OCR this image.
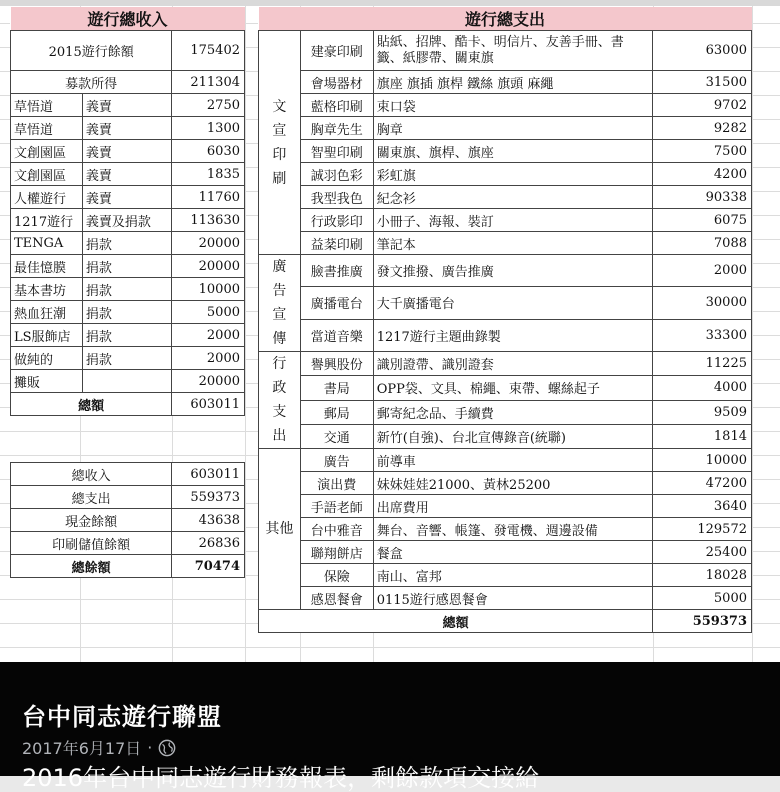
遊行總收入		
2015遊行餘額		175402
募款所得		211304
草悟道	義賣	2750
草悟道	義賣	1300
文創園區	義賣	6030
文創園區	義賣	1835
人權遊行	義賣	11760
1217遊行	義賣及捐款	113630
TENGA	捐款	20000
最佳憶膜	捐款	20000
基本書坊	捐款	10000
熱血狂潮	捐款	5000
LS服飾店	捐款	2000
做純的	捐款	2000
攤販		20000
總額		603011
總收入	603011
總支出	559373
現金餘額	43638
印刷儲值餘額	26836
總餘額	70474
遊行總支出			
文
宣
印
刷	建豪印刷	貼紙、招牌、酷卡、明信片、友善手冊、書籤、紙膠帶、關東旗	63000
	會場器材	旗座 旗插 旗桿 鐵絲 旗頭 麻繩	31500
	藍格印刷	束口袋	9702
	胸章先生	胸章	9282
	智聖印刷	關東旗、旗桿、旗座	7500
	誠羽色彩	彩虹旗	4200
	我型我色	紀念衫	90338
	行政影印	小冊子、海報、裝訂	6075
	益棻印刷	筆記本	7088
廣
告
宣
傳	臉書推廣	發文推撥、廣告推廣	2000
	廣播電台	大千廣播電台	30000
	當道音樂	1217遊行主題曲錄製	33300
行
政
支
出	譽興股份	識別證帶、識別證套	11225
	書局	OPP袋、文具、棉繩、束帶、螺絲起子	4000
	郵局	郵寄紀念品、手續費	9509
	交通	新竹(自強)、台北宣傳錄音(統聯)	1814
其他	廣告	前導車	10000
	演出費	妹妹娃娃21000、黃林25200	47200
	手語老師	出席費用	3640
	台中雅音	舞台、音響、帳篷、發電機、週邊設備	129572
	聯翔餅店	餐盒	25400
	保險	南山、富邦	18028
	感恩餐會	0115遊行感恩餐會	5000
總額			559373
台中同志遊行聯盟
2017年6月17日 ·
2016年台中同志遊行財務報表，剩餘款項交接給
